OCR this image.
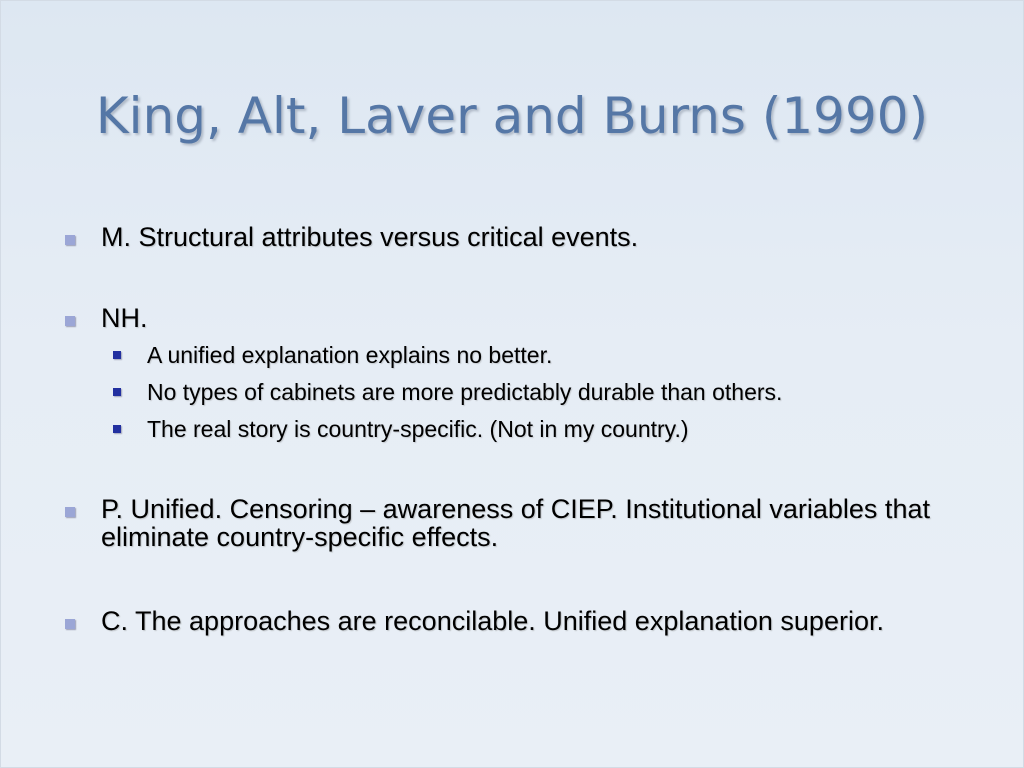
King, Alt, Laver and Burns (1990)
M. Structural attributes versus critical events.
NH.
A unified explanation explains no better.
No types of cabinets are more predictably durable than others.
The real story is country-specific. (Not in my country.)
P. Unified. Censoring – awareness of CIEP. Institutional variables that eliminate country-specific effects.
C. The approaches are reconcilable. Unified explanation superior.
